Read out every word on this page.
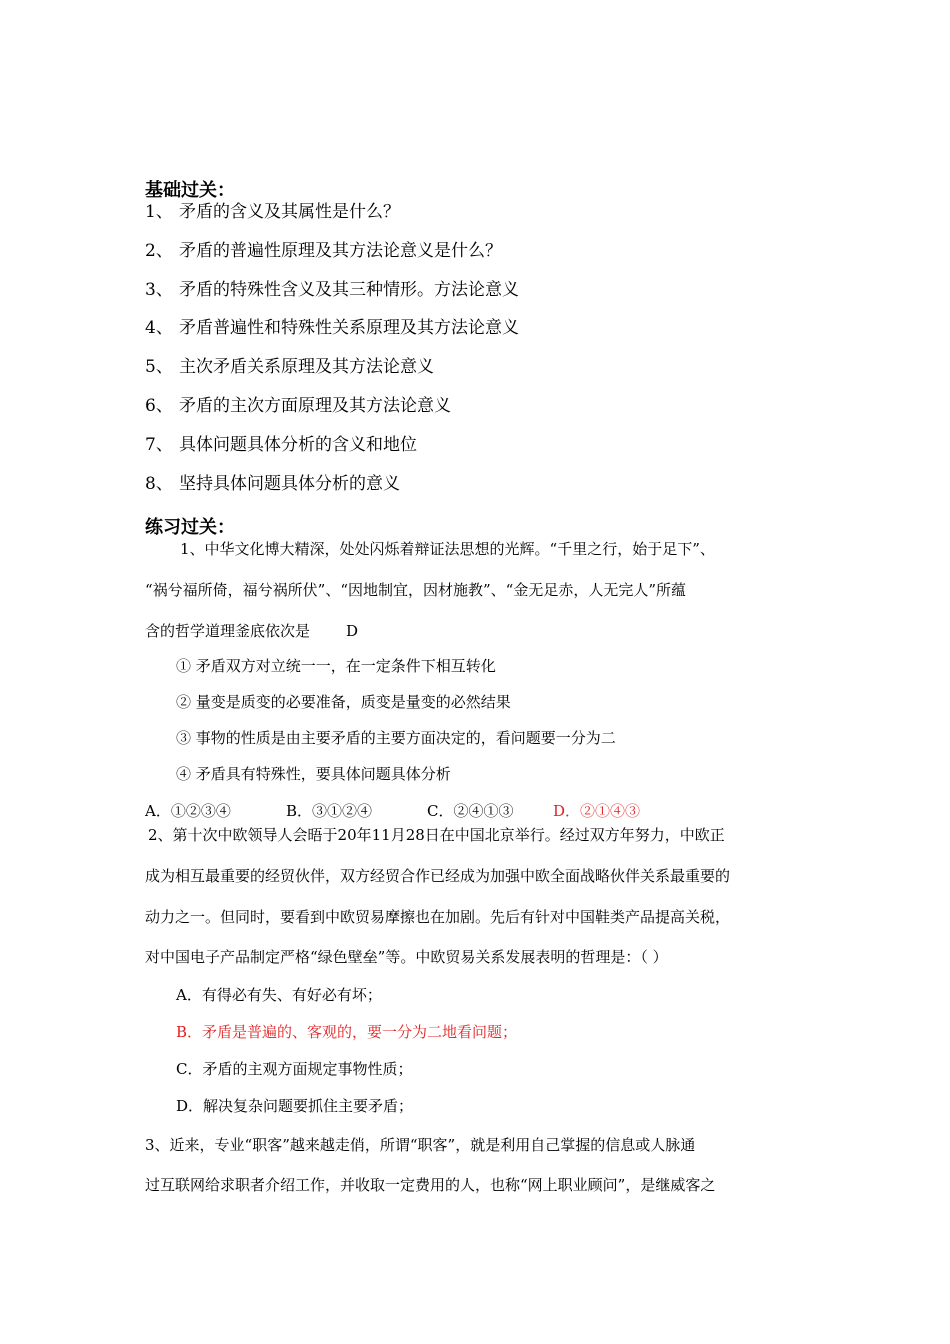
基础过关：
1、 矛盾的含义及其属性是什么？
2、 矛盾的普遍性原理及其方法论意义是什么？
3、 矛盾的特殊性含义及其三种情形。方法论意义
4、 矛盾普遍性和特殊性关系原理及其方法论意义
5、 主次矛盾关系原理及其方法论意义
6、 矛盾的主次方面原理及其方法论意义
7、 具体问题具体分析的含义和地位
8、 坚持具体问题具体分析的意义
练习过关：
1、中华文化博大精深，处处闪烁着辩证法思想的光辉。“千里之行，始于足下”、
“祸兮福所倚，福兮祸所伏”、“因地制宜，因材施教”、“金无足赤，人无完人”所蕴
含的哲学道理釜底依次是 D
① 矛盾双方对立统一一，在一定条件下相互转化
② 量变是质变的必要准备，质变是量变的必然结果
③ 事物的性质是由主要矛盾的主要方面决定的，看问题要一分为二
④ 矛盾具有特殊性，要具体问题具体分析
A．①②③④	B．③①②④	C．②④①③	D．②①④③
2、第十次中欧领导人会晤于20年11月28日在中国北京举行。经过双方年努力，中欧正
成为相互最重要的经贸伙伴，双方经贸合作已经成为加强中欧全面战略伙伴关系最重要的
动力之一。但同时，要看到中欧贸易摩擦也在加剧。先后有针对中国鞋类产品提高关税，
对中国电子产品制定严格“绿色壁垒”等。中欧贸易关系发展表明的哲理是：（ ）
A．有得必有失、有好必有坏；
B．矛盾是普遍的、客观的，要一分为二地看问题；
C．矛盾的主观方面规定事物性质；
D．解决复杂问题要抓住主要矛盾；
3、近来，专业“职客”越来越走俏，所谓“职客”，就是利用自己掌握的信息或人脉通
过互联网给求职者介绍工作，并收取一定费用的人，也称“网上职业顾问”，是继威客之
